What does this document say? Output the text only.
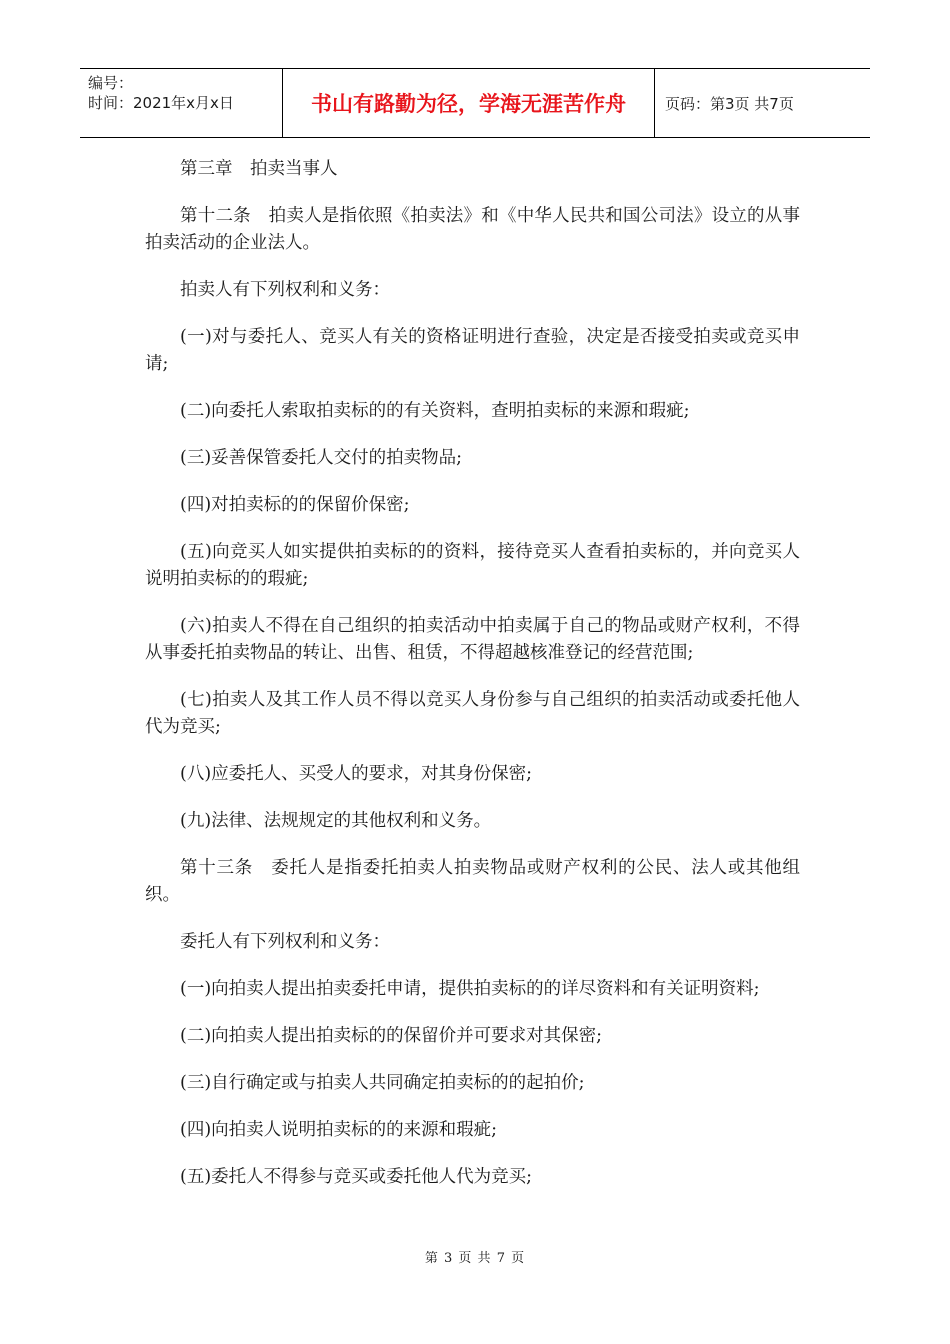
编号：
时间：2021年x月x日	书山有路勤为径，学海无涯苦作舟	页码：第3页 共7页

第三章　拍卖当事人

第十二条　拍卖人是指依照《拍卖法》和《中华人民共和国公司法》设立的从事拍卖活动的企业法人。

拍卖人有下列权利和义务：

(一)对与委托人、竞买人有关的资格证明进行查验，决定是否接受拍卖或竞买申请;

(二)向委托人索取拍卖标的的有关资料，查明拍卖标的来源和瑕疵;

(三)妥善保管委托人交付的拍卖物品;

(四)对拍卖标的的保留价保密;

(五)向竞买人如实提供拍卖标的的资料，接待竞买人查看拍卖标的，并向竞买人说明拍卖标的的瑕疵;

(六)拍卖人不得在自己组织的拍卖活动中拍卖属于自己的物品或财产权利，不得从事委托拍卖物品的转让、出售、租赁，不得超越核准登记的经营范围;

(七)拍卖人及其工作人员不得以竞买人身份参与自己组织的拍卖活动或委托他人代为竞买;

(八)应委托人、买受人的要求，对其身份保密;

(九)法律、法规规定的其他权利和义务。

第十三条　委托人是指委托拍卖人拍卖物品或财产权利的公民、法人或其他组织。

委托人有下列权利和义务：

(一)向拍卖人提出拍卖委托申请，提供拍卖标的的详尽资料和有关证明资料;

(二)向拍卖人提出拍卖标的的保留价并可要求对其保密;

(三)自行确定或与拍卖人共同确定拍卖标的的起拍价;

(四)向拍卖人说明拍卖标的的来源和瑕疵;

(五)委托人不得参与竞买或委托他人代为竞买;

第 3 页 共 7 页
